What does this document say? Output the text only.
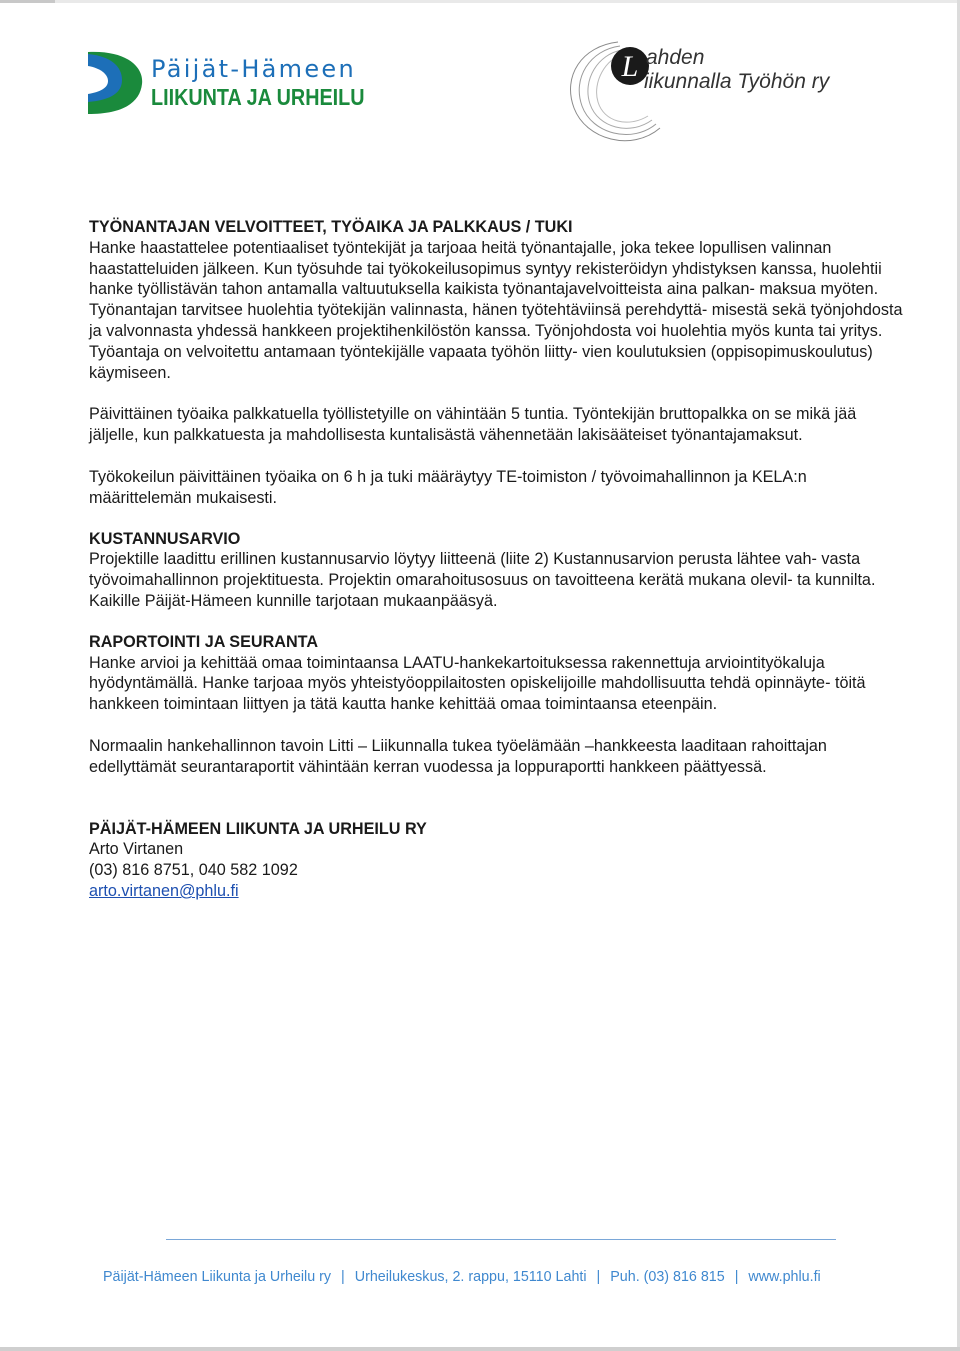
Päijät-Hämeen
LIIKUNTA JA URHEILU
L ahden
iikunnalla Työhön ry

TYÖNANTAJAN VELVOITTEET, TYÖAIKA JA PALKKAUS / TUKI

Hanke haastattelee potentiaaliset työntekijät ja tarjoaa heitä työnantajalle, joka tekee lopullisen valinnan haastatteluiden jälkeen. Kun työsuhde tai työkokeilusopimus syntyy rekisteröidyn yhdistyksen kanssa, huolehtii hanke työllistävän tahon antamalla valtuutuksella kaikista työnantajavelvoitteista aina palkan- maksua myöten. Työnantajan tarvitsee huolehtia työtekijän valinnasta, hänen työtehtäviinsä perehdyttä- misestä sekä työnjohdosta ja valvonnasta yhdessä hankkeen projektihenkilöstön kanssa. Työnjohdosta voi huolehtia myös kunta tai yritys. Työantaja on velvoitettu antamaan työntekijälle vapaata työhön liitty- vien koulutuksien (oppisopimuskoulutus) käymiseen.

Päivittäinen työaika palkkatuella työllistetyille on vähintään 5 tuntia. Työntekijän bruttopalkka on se mikä jää jäljelle, kun palkkatuesta ja mahdollisesta kuntalisästä vähennetään lakisääteiset työnantajamaksut.

Työkokeilun päivittäinen työaika on 6 h ja tuki määräytyy TE-toimiston / työvoimahallinnon ja KELA:n määrittelemän mukaisesti.

KUSTANNUSARVIO

Projektille laadittu erillinen kustannusarvio löytyy liitteenä (liite 2) Kustannusarvion perusta lähtee vah- vasta työvoimahallinnon projektituesta. Projektin omarahoitusosuus on tavoitteena kerätä mukana olevil- ta kunnilta. Kaikille Päijät-Hämeen kunnille tarjotaan mukaanpääsyä.

RAPORTOINTI JA SEURANTA

Hanke arvioi ja kehittää omaa toimintaansa LAATU-hankekartoituksessa rakennettuja arviointityökaluja hyödyntämällä. Hanke tarjoaa myös yhteistyöoppilaitosten opiskelijoille mahdollisuutta tehdä opinnäyte- töitä hankkeen toimintaan liittyen ja tätä kautta hanke kehittää omaa toimintaansa eteenpäin.

Normaalin hankehallinnon tavoin Litti – Liikunnalla tukea työelämään –hankkeesta laaditaan rahoittajan edellyttämät seurantaraportit vähintään kerran vuodessa ja loppuraportti hankkeen päättyessä.

PÄIJÄT-HÄMEEN LIIKUNTA JA URHEILU RY

Arto Virtanen

(03) 816 8751, 040 582 1092

arto.virtanen@phlu.fi

Päijät-Hämeen Liikunta ja Urheilu ry | Urheilukeskus, 2. rappu, 15110 Lahti | Puh. (03) 816 815 | www.phlu.fi
